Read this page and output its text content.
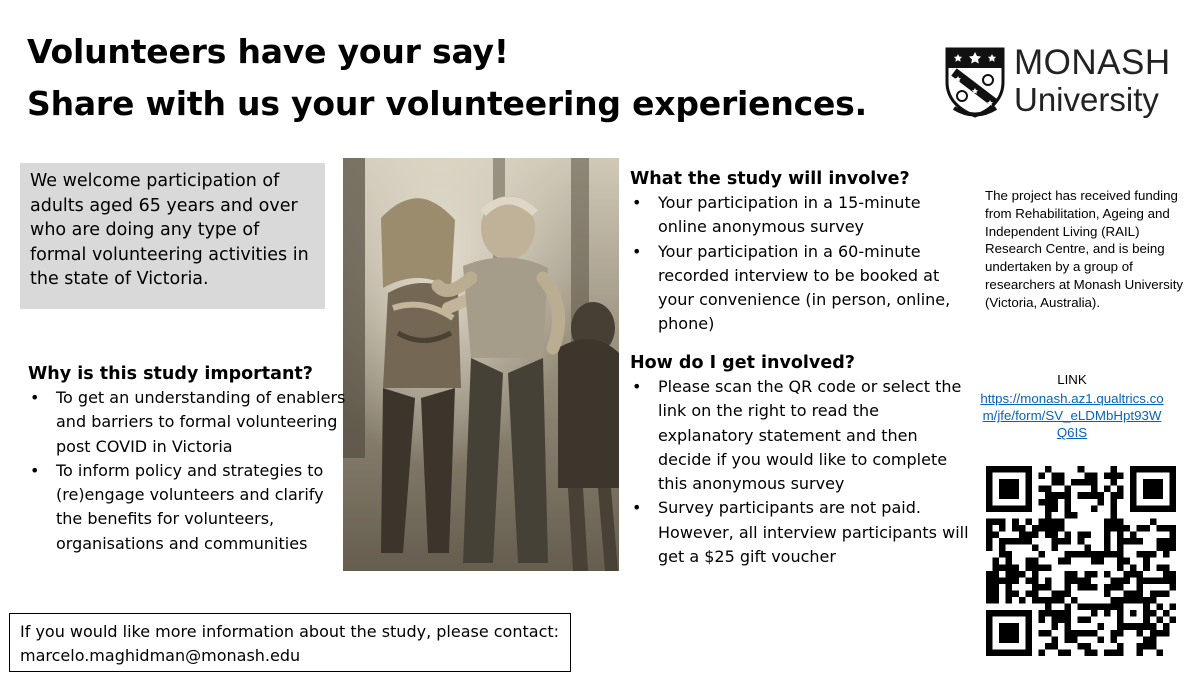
Volunteers have your say!
Share with us your volunteering experiences.
MONASH
University
We welcome participation of adults aged 65 years and over who are doing any type of formal volunteering activities in the state of Victoria.
Why is this study important?
• To get an understanding of enablers and barriers to formal volunteering post COVID in Victoria
• To inform policy and strategies to (re)engage volunteers and clarify the benefits for volunteers, organisations and communities
What the study will involve?
• Your participation in a 15-minute online anonymous survey
• Your participation in a 60-minute recorded interview to be booked at your convenience (in person, online, phone)
How do I get involved?
• Please scan the QR code or select the link on the right to read the explanatory statement and then decide if you would like to complete this anonymous survey
• Survey participants are not paid. However, all interview participants will get a $25 gift voucher
If you would like more information about the study, please contact: marcelo.maghidman@monash.edu
The project has received funding from Rehabilitation, Ageing and Independent Living (RAIL) Research Centre, and is being undertaken by a group of researchers at Monash University (Victoria, Australia).
LINK
https://monash.az1.qualtrics.com/jfe/form/SV_eLDMbHpt93WQ6IS
